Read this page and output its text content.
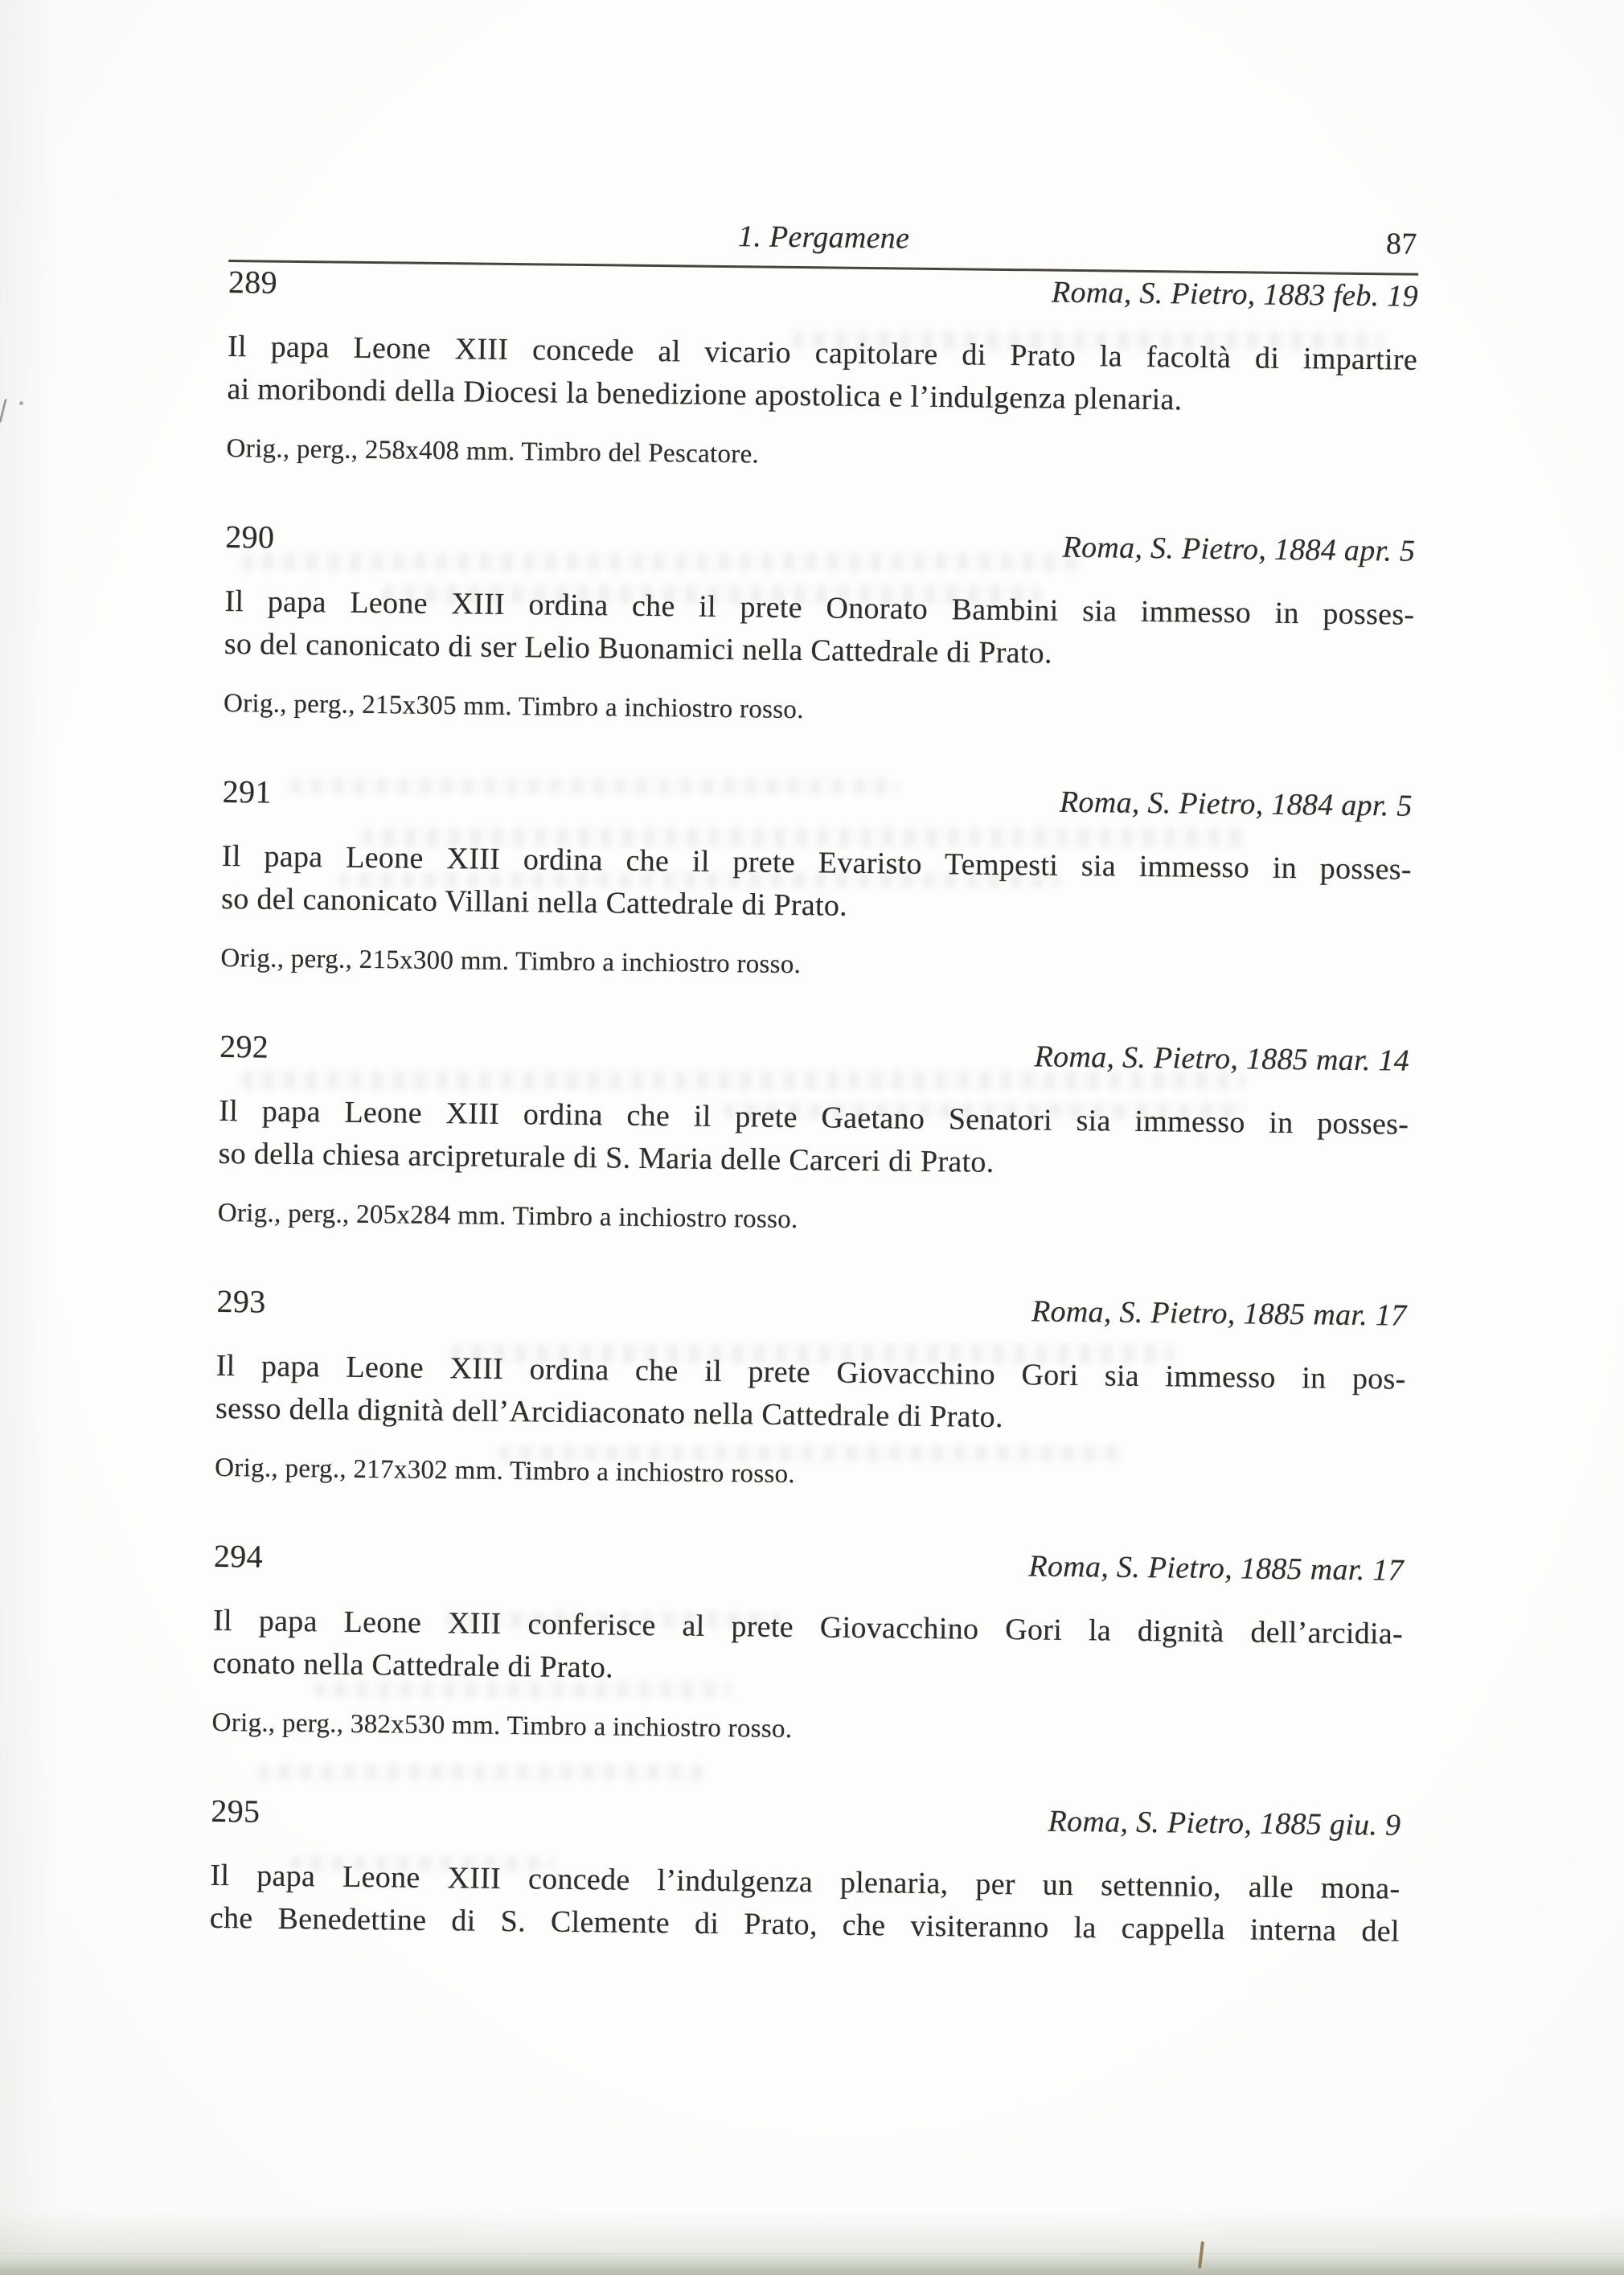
1. Pergamene	87
289	Roma, S. Pietro, 1883 feb. 19
Il papa Leone XIII concede al vicario capitolare di Prato la facoltà di impartire
ai moribondi della Diocesi la benedizione apostolica e l’indulgenza plenaria.
Orig., perg., 258x408 mm. Timbro del Pescatore.
290	Roma, S. Pietro, 1884 apr. 5
Il papa Leone XIII ordina che il prete Onorato Bambini sia immesso in posses-
so del canonicato di ser Lelio Buonamici nella Cattedrale di Prato.
Orig., perg., 215x305 mm. Timbro a inchiostro rosso.
291	Roma, S. Pietro, 1884 apr. 5
Il papa Leone XIII ordina che il prete Evaristo Tempesti sia immesso in posses-
so del canonicato Villani nella Cattedrale di Prato.
Orig., perg., 215x300 mm. Timbro a inchiostro rosso.
292	Roma, S. Pietro, 1885 mar. 14
Il papa Leone XIII ordina che il prete Gaetano Senatori sia immesso in posses-
so della chiesa arcipreturale di S. Maria delle Carceri di Prato.
Orig., perg., 205x284 mm. Timbro a inchiostro rosso.
293	Roma, S. Pietro, 1885 mar. 17
Il papa Leone XIII ordina che il prete Giovacchino Gori sia immesso in pos-
sesso della dignità dell’Arcidiaconato nella Cattedrale di Prato.
Orig., perg., 217x302 mm. Timbro a inchiostro rosso.
294	Roma, S. Pietro, 1885 mar. 17
Il papa Leone XIII conferisce al prete Giovacchino Gori la dignità dell’arcidia-
conato nella Cattedrale di Prato.
Orig., perg., 382x530 mm. Timbro a inchiostro rosso.
295	Roma, S. Pietro, 1885 giu. 9
Il papa Leone XIII concede l’indulgenza plenaria, per un settennio, alle mona-
che Benedettine di S. Clemente di Prato, che visiteranno la cappella interna del
